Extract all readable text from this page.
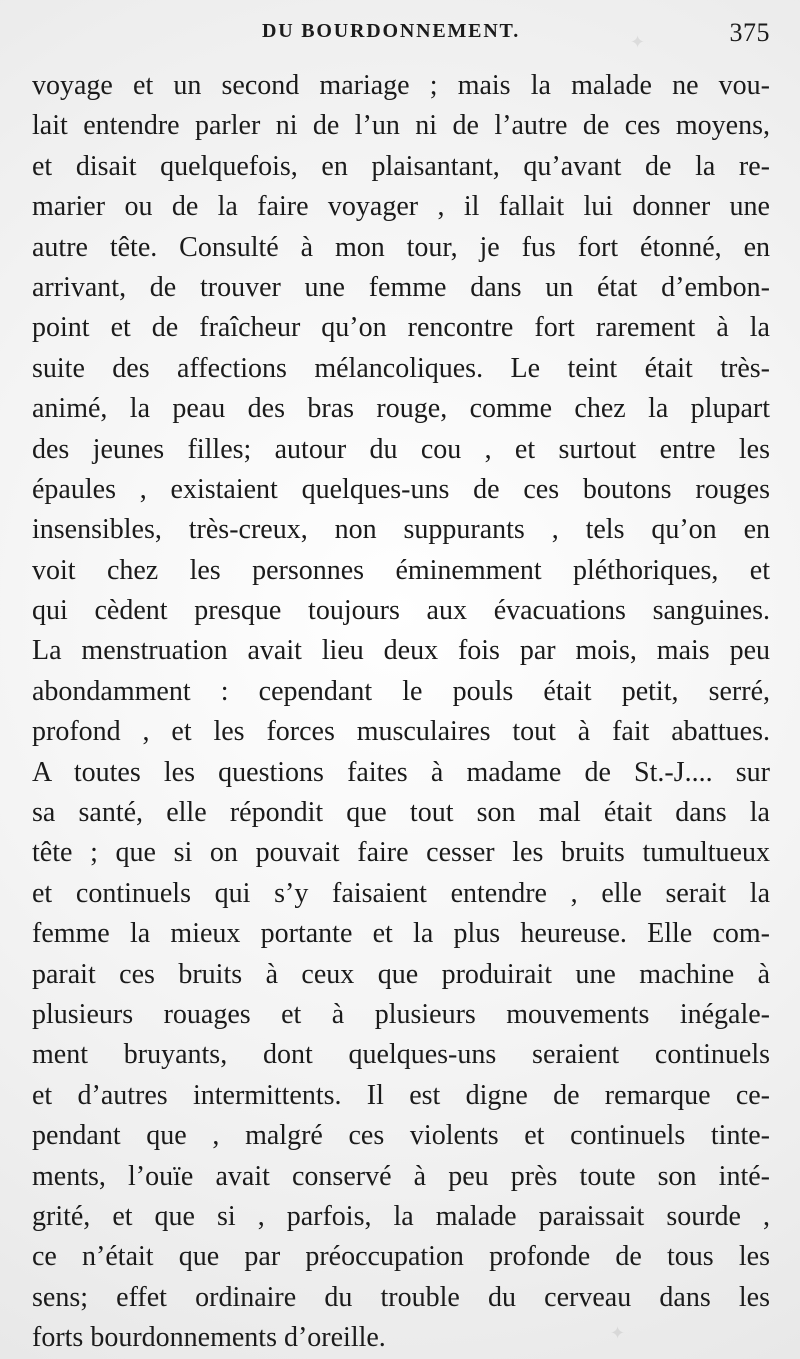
DU BOURDONNEMENT.	375
✦
✦
voyage et un second mariage ; mais la malade ne vou-
lait entendre parler ni de l’un ni de l’autre de ces moyens,
et disait quelquefois, en plaisantant, qu’avant de la re-
marier ou de la faire voyager , il fallait lui donner une
autre tête. Consulté à mon tour, je fus fort étonné, en
arrivant, de trouver une femme dans un état d’embon-
point et de fraîcheur qu’on rencontre fort rarement à la
suite des affections mélancoliques. Le teint était très-
animé, la peau des bras rouge, comme chez la plupart
des jeunes filles; autour du cou , et surtout entre les
épaules , existaient quelques-uns de ces boutons rouges
insensibles, très-creux, non suppurants , tels qu’on en
voit chez les personnes éminemment pléthoriques, et
qui cèdent presque toujours aux évacuations sanguines.
La menstruation avait lieu deux fois par mois, mais peu
abondamment : cependant le pouls était petit, serré,
profond , et les forces musculaires tout à fait abattues.
A toutes les questions faites à madame de St.-J.... sur
sa santé, elle répondit que tout son mal était dans la
tête ; que si on pouvait faire cesser les bruits tumultueux
et continuels qui s’y faisaient entendre , elle serait la
femme la mieux portante et la plus heureuse. Elle com-
parait ces bruits à ceux que produirait une machine à
plusieurs rouages et à plusieurs mouvements inégale-
ment bruyants, dont quelques-uns seraient continuels
et d’autres intermittents. Il est digne de remarque ce-
pendant que , malgré ces violents et continuels tinte-
ments, l’ouïe avait conservé à peu près toute son inté-
grité, et que si , parfois, la malade paraissait sourde ,
ce n’était que par préoccupation profonde de tous les
sens; effet ordinaire du trouble du cerveau dans les
forts bourdonnements d’oreille.
